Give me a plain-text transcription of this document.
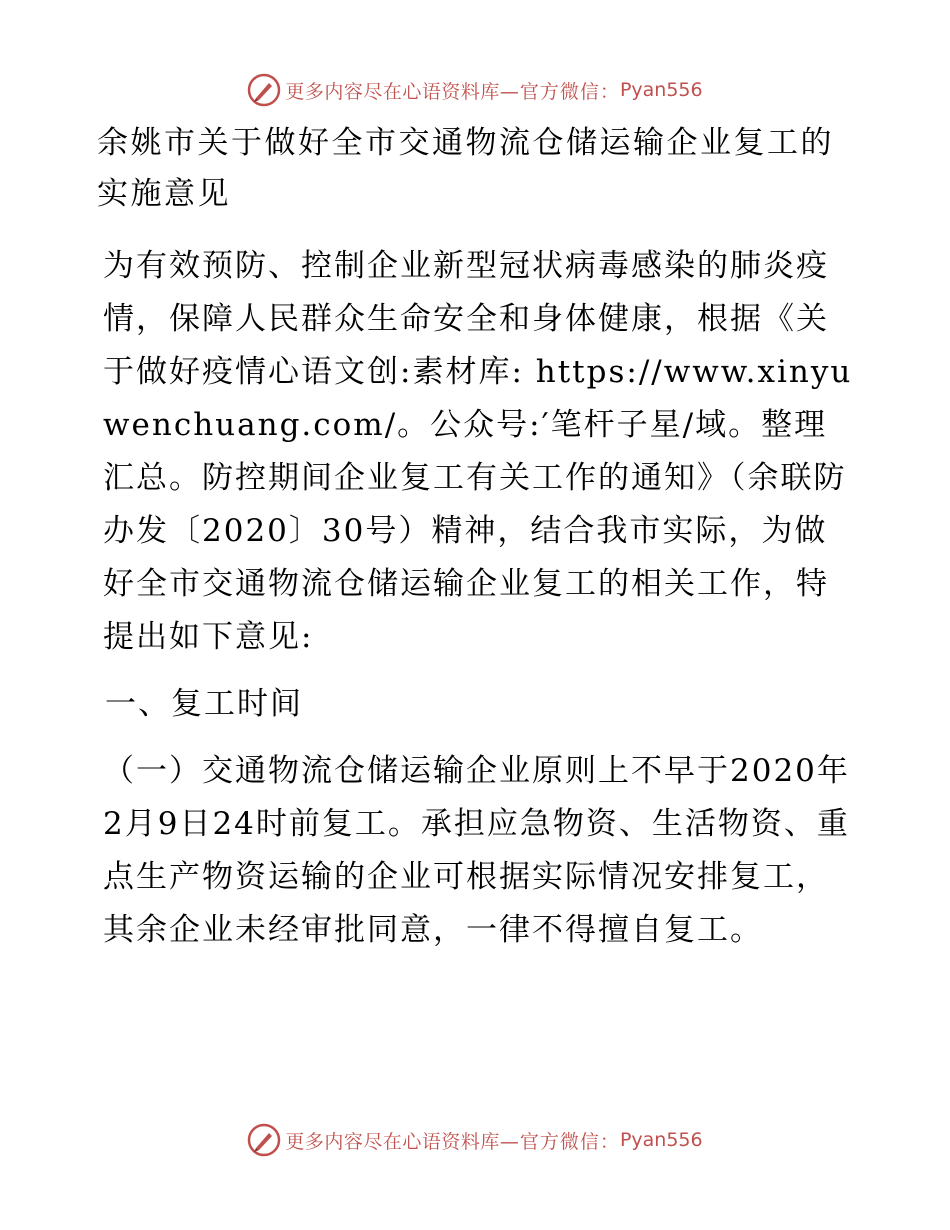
更多内容尽在心语资料库 —官方微信： Pyan556
余姚市关于做好全市交通物流仓储运输企业复工的实施意见

为有效预防、控制企业新型冠状病毒感染的肺炎疫情，保障人民群众生命安全和身体健康，根据《关于做好疫情心语文创:素材库: https://www.xinyuwenchuang.com/。公众号:′笔杆子星/域。整理汇总。防控期间企业复工有关工作的通知》（余联防办发〔2020〕30号）精神，结合我市实际，为做好全市交通物流仓储运输企业复工的相关工作，特提出如下意见:

一、复工时间

（一）交通物流仓储运输企业原则上不早于2020年2月9日24时前复工。承担应急物资、生活物资、重点生产物资运输的企业可根据实际情况安排复工，其余企业未经审批同意，一律不得擅自复工。

更多内容尽在心语资料库 —官方微信： Pyan556
